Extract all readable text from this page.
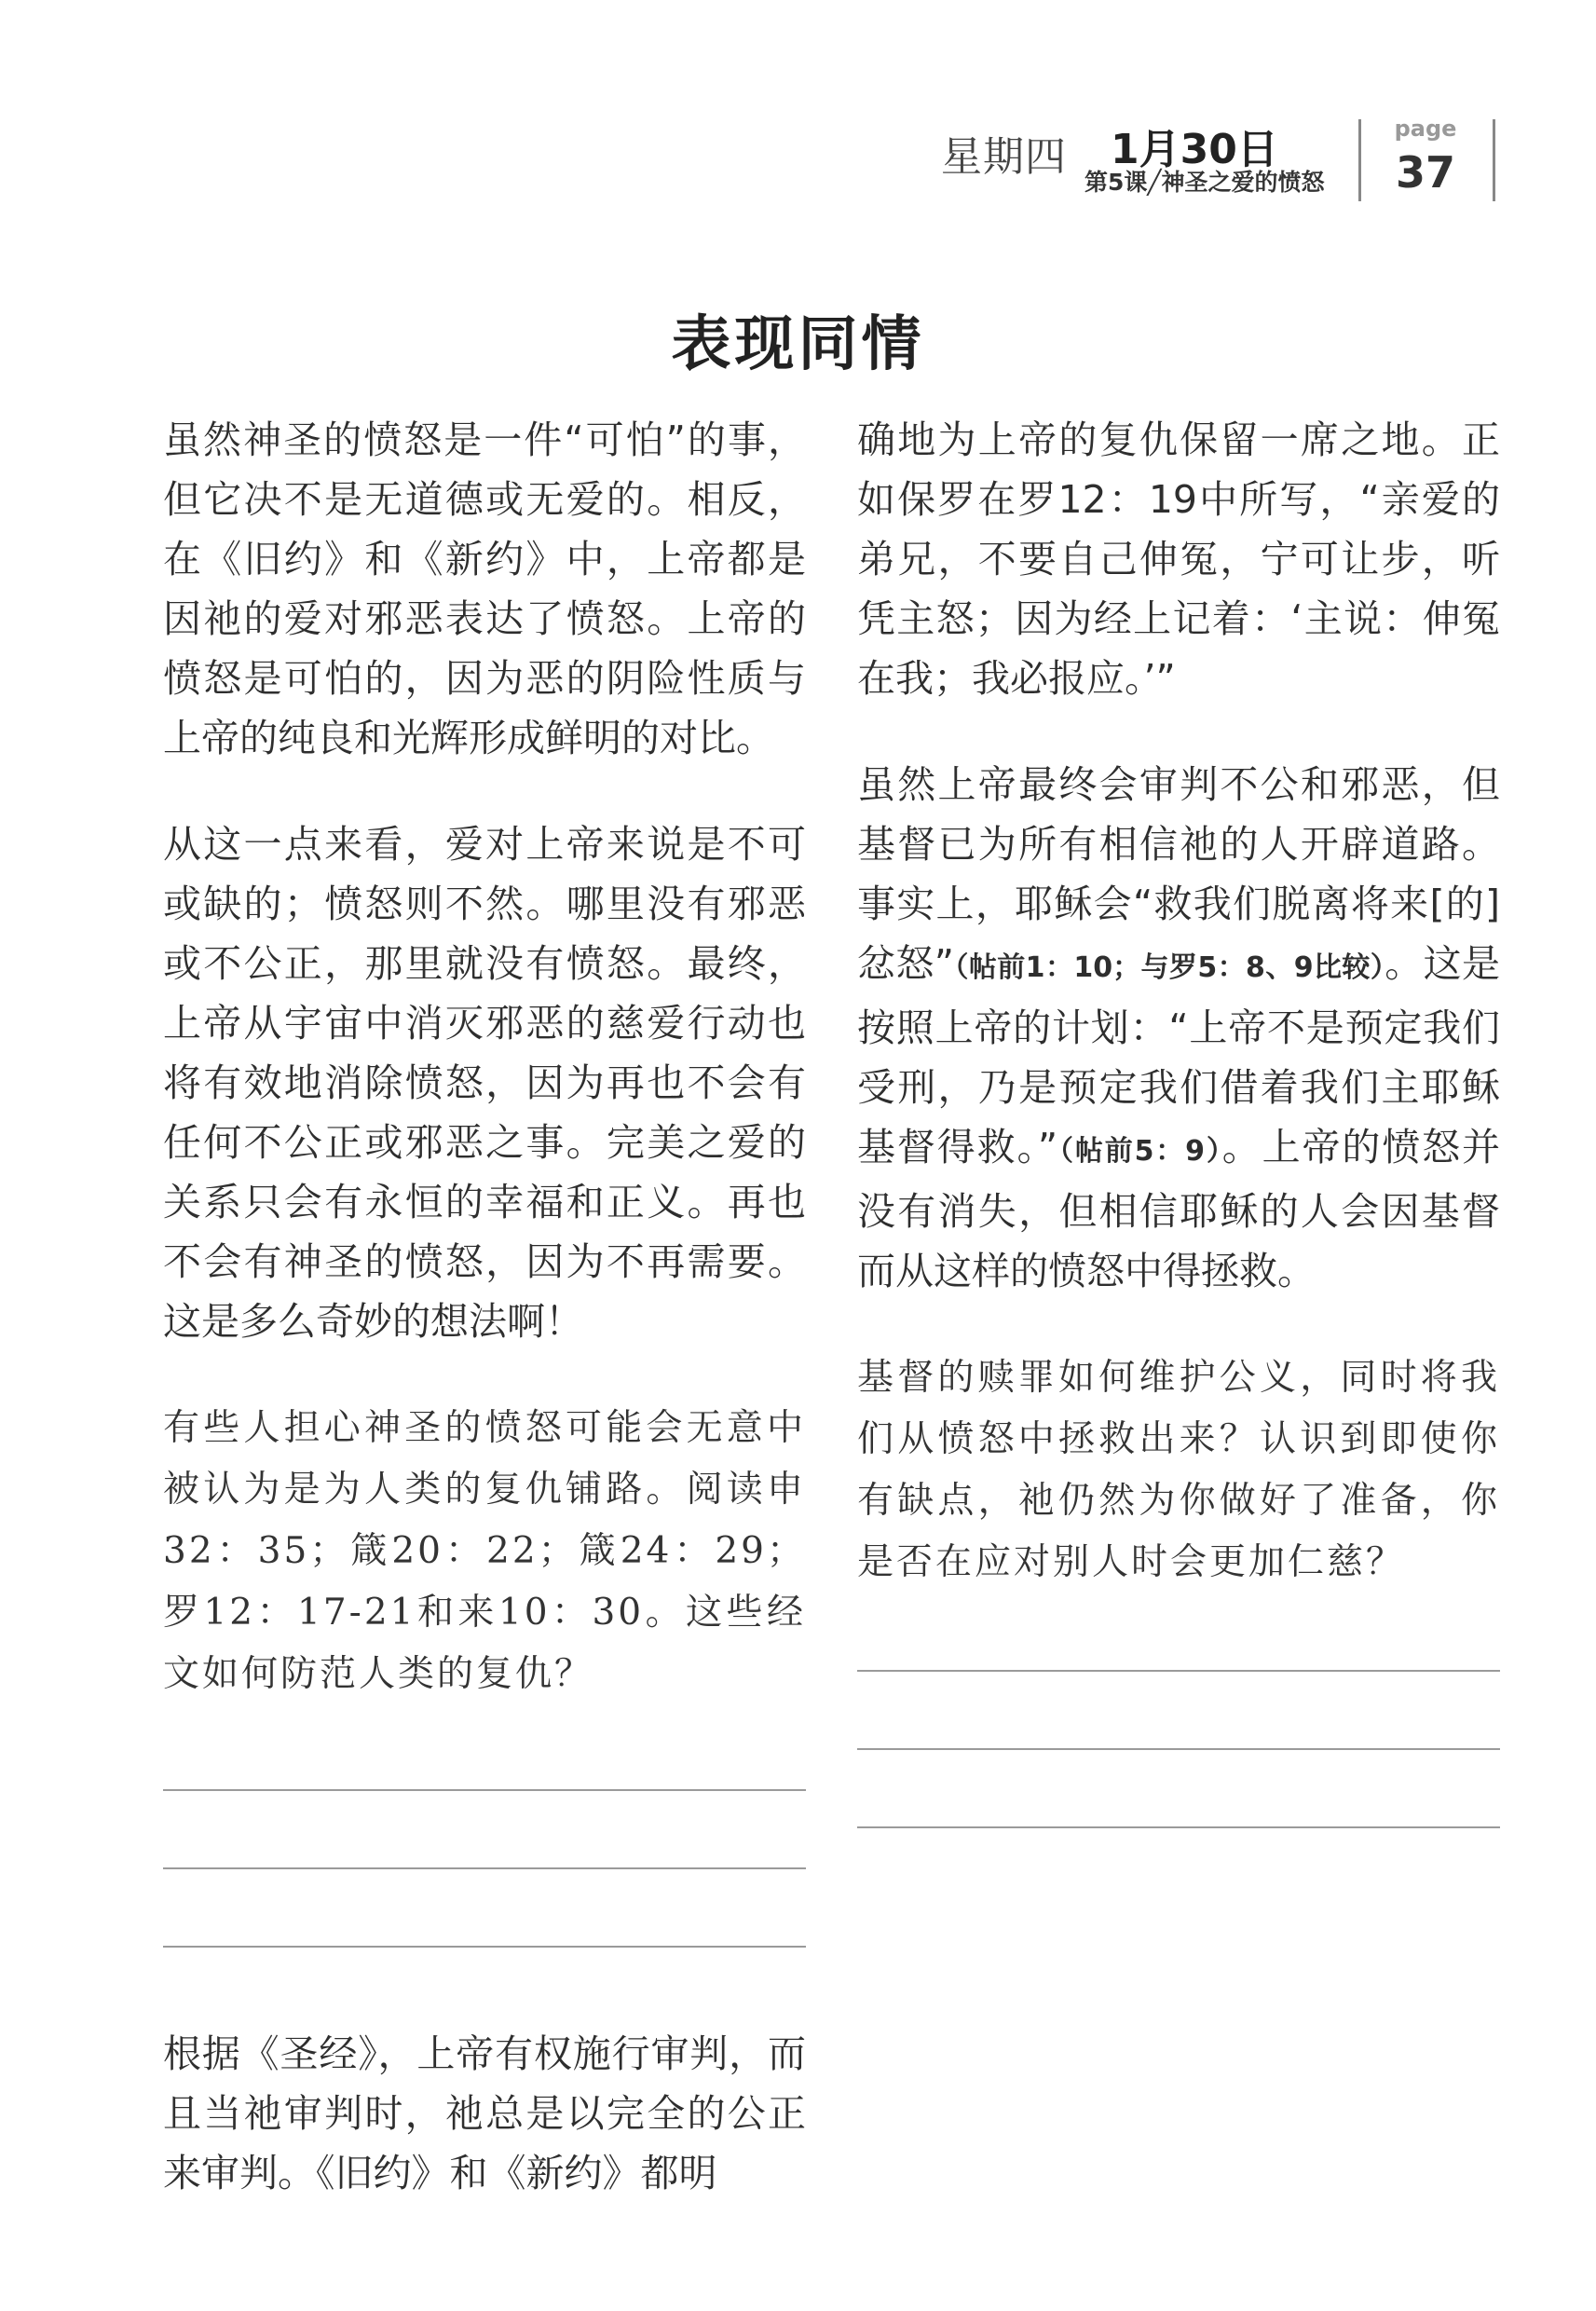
星期四 1月30日
第5课╱神圣之爱的愤怒
page
37
表现同情

虽然神圣的愤怒是一件“可怕”的事，但它决不是无道德或无爱的。相反，在《旧约》和《新约》中，上帝都是因祂的爱对邪恶表达了愤怒。上帝的愤怒是可怕的，因为恶的阴险性质与上帝的纯良和光辉形成鲜明的对比。

从这一点来看，爱对上帝来说是不可或缺的；愤怒则不然。哪里没有邪恶或不公正，那里就没有愤怒。最终，上帝从宇宙中消灭邪恶的慈爱行动也将有效地消除愤怒，因为再也不会有任何不公正或邪恶之事。完美之爱的关系只会有永恒的幸福和正义。再也不会有神圣的愤怒，因为不再需要。这是多么奇妙的想法啊！

有些人担心神圣的愤怒可能会无意中被认为是为人类的复仇铺路。阅读申32：35；箴20：22；箴24：29；罗12：17-21和来10：30。这些经文如何防范人类的复仇？

根据《圣经》，上帝有权施行审判，而且当祂审判时，祂总是以完全的公正来审判。《旧约》和《新约》都明

确地为上帝的复仇保留一席之地。正如保罗在罗12：19中所写，“亲爱的弟兄，不要自己伸冤，宁可让步，听凭主怒；因为经上记着：‘主说：伸冤在我；我必报应。’”

虽然上帝最终会审判不公和邪恶，但基督已为所有相信祂的人开辟道路。事实上，耶稣会“救我们脱离将来[的]忿怒”（帖前1：10；与罗5：8、9比较）。这是按照上帝的计划：“上帝不是预定我们受刑，乃是预定我们借着我们主耶稣基督得救。”（帖前5：9）。上帝的愤怒并没有消失，但相信耶稣的人会因基督而从这样的愤怒中得拯救。

基督的赎罪如何维护公义，同时将我们从愤怒中拯救出来？认识到即使你有缺点，祂仍然为你做好了准备，你是否在应对别人时会更加仁慈？
